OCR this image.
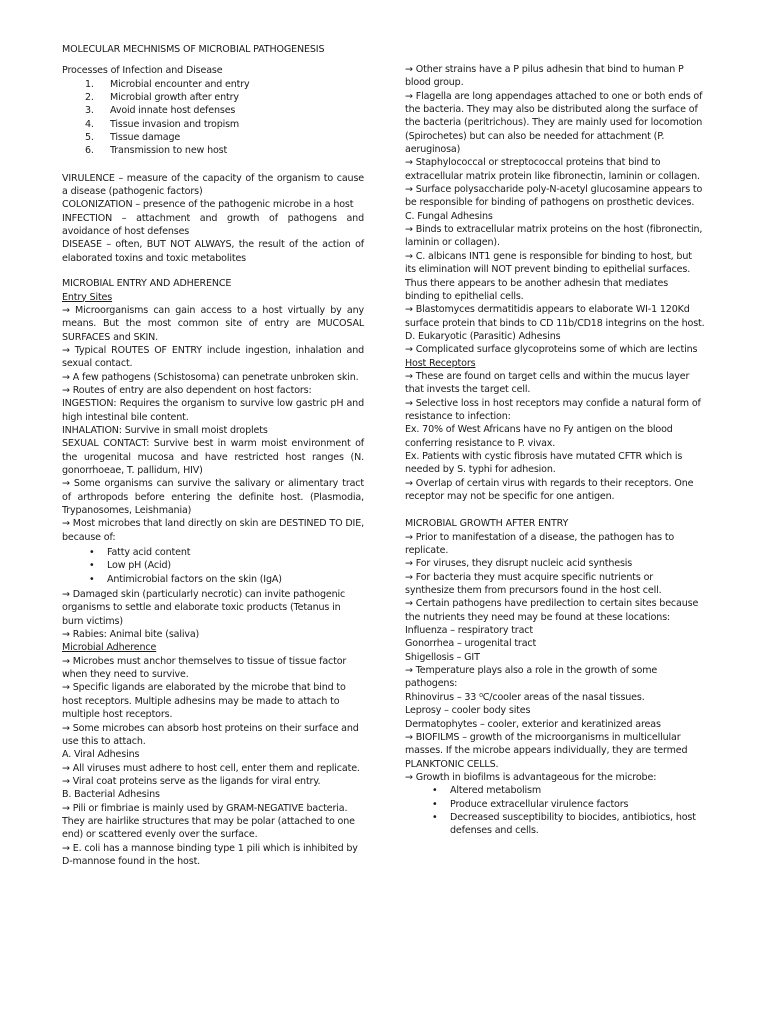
MOLECULAR MECHNISMS OF MICROBIAL PATHOGENESIS

Processes of Infection and Disease

1.	Microbial encounter and entry
2.	Microbial growth after entry
3.	Avoid innate host defenses
4.	Tissue invasion and tropism
5.	Tissue damage
6.	Transmission to new host

VIRULENCE – measure of the capacity of the organism to cause a disease (pathogenic factors)

COLONIZATION – presence of the pathogenic microbe in a host

INFECTION – attachment and growth of pathogens and avoidance of host defenses

DISEASE – often, BUT NOT ALWAYS, the result of the action of elaborated toxins and toxic metabolites

MICROBIAL ENTRY AND ADHERENCE

Entry Sites

→ Microorganisms can gain access to a host virtually by any means. But the most common site of entry are MUCOSAL SURFACES and SKIN.

→ Typical ROUTES OF ENTRY include ingestion, inhalation and sexual contact.

→ A few pathogens (Schistosoma) can penetrate unbroken skin.

→ Routes of entry are also dependent on host factors:

INGESTION: Requires the organism to survive low gastric pH and high intestinal bile content.

INHALATION: Survive in small moist droplets

SEXUAL CONTACT: Survive best in warm moist environment of the urogenital mucosa and have restricted host ranges (N. gonorrhoeae, T. pallidum, HIV)

→ Some organisms can survive the salivary or alimentary tract of arthropods before entering the definite host. (Plasmodia, Trypanosomes, Leishmania)

→ Most microbes that land directly on skin are DESTINED TO DIE, because of:

•	Fatty acid content
•	Low pH (Acid)
•	Antimicrobial factors on the skin (IgA)

→ Damaged skin (particularly necrotic) can invite pathogenic organisms to settle and elaborate toxic products (Tetanus in burn victims)

→ Rabies: Animal bite (saliva)

Microbial Adherence

→ Microbes must anchor themselves to tissue of tissue factor when they need to survive.

→ Specific ligands are elaborated by the microbe that bind to host receptors. Multiple adhesins may be made to attach to multiple host receptors.

→ Some microbes can absorb host proteins on their surface and use this to attach.

A. Viral Adhesins

→ All viruses must adhere to host cell, enter them and replicate.

→ Viral coat proteins serve as the ligands for viral entry.

B. Bacterial Adhesins

→ Pili or fimbriae is mainly used by GRAM-NEGATIVE bacteria. They are hairlike structures that may be polar (attached to one end) or scattered evenly over the surface.

→ E. coli has a mannose binding type 1 pili which is inhibited by D-mannose found in the host.

→ Other strains have a P pilus adhesin that bind to human P blood group.

→ Flagella are long appendages attached to one or both ends of the bacteria. They may also be distributed along the surface of the bacteria (peritrichous). They are mainly used for locomotion (Spirochetes) but can also be needed for attachment (P. aeruginosa)

→ Staphylococcal or streptococcal proteins that bind to extracellular matrix protein like fibronectin, laminin or collagen.

→ Surface polysaccharide poly-N-acetyl glucosamine appears to be responsible for binding of pathogens on prosthetic devices.

C. Fungal Adhesins

→ Binds to extracellular matrix proteins on the host (fibronectin, laminin or collagen).

→ C. albicans INT1 gene is responsible for binding to host, but its elimination will NOT prevent binding to epithelial surfaces. Thus there appears to be another adhesin that mediates binding to epithelial cells.

→ Blastomyces dermatitidis appears to elaborate WI-1 120Kd surface protein that binds to CD 11b/CD18 integrins on the host.

D. Eukaryotic (Parasitic) Adhesins

→ Complicated surface glycoproteins some of which are lectins

Host Receptors

→ These are found on target cells and within the mucus layer that invests the target cell.

→ Selective loss in host receptors may confide a natural form of resistance to infection:

Ex. 70% of West Africans have no Fy antigen on the blood conferring resistance to P. vivax.

Ex. Patients with cystic fibrosis have mutated CFTR which is needed by S. typhi for adhesion.

→ Overlap of certain virus with regards to their receptors. One receptor may not be specific for one antigen.

MICROBIAL GROWTH AFTER ENTRY

→ Prior to manifestation of a disease, the pathogen has to replicate.

→ For viruses, they disrupt nucleic acid synthesis

→ For bacteria they must acquire specific nutrients or synthesize them from precursors found in the host cell.

→ Certain pathogens have predilection to certain sites because the nutrients they need may be found at these locations:

Influenza – respiratory tract

Gonorrhea – urogenital tract

Shigellosis – GIT

→ Temperature plays also a role in the growth of some pathogens:

Rhinovirus – 33 ⁰C/cooler areas of the nasal tissues.

Leprosy – cooler body sites

Dermatophytes – cooler, exterior and keratinized areas

→ BIOFILMS – growth of the microorganisms in multicellular masses. If the microbe appears individually, they are termed PLANKTONIC CELLS.

→ Growth in biofilms is advantageous for the microbe:

•	Altered metabolism
•	Produce extracellular virulence factors
•	Decreased susceptibility to biocides, antibiotics, host defenses and cells.
